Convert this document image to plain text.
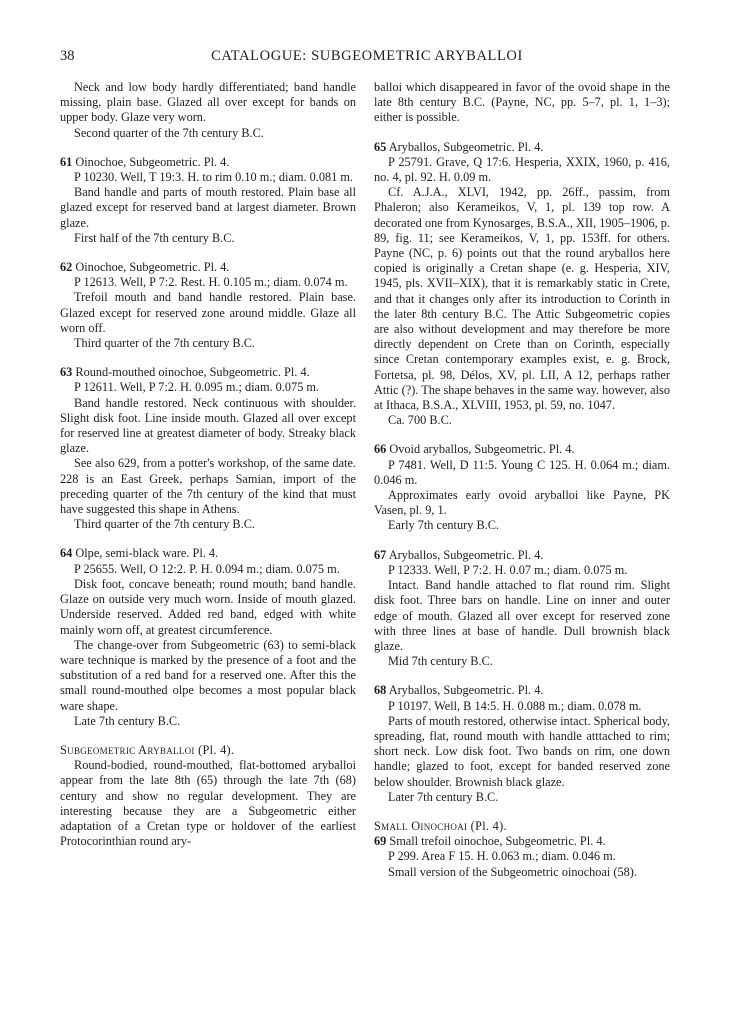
38	CATALOGUE: SUBGEOMETRIC ARYBALLOI

Neck and low body hardly differentiated; band handle missing, plain base. Glazed all over except for bands on upper body. Glaze very worn.

Second quarter of the 7th century B.C.

61 Oinochoe, Subgeometric. Pl. 4.

P 10230. Well, T 19:3. H. to rim 0.10 m.; diam. 0.081 m.

Band handle and parts of mouth restored. Plain base all glazed except for reserved band at largest diameter. Brown glaze.

First half of the 7th century B.C.

62 Oinochoe, Subgeometric. Pl. 4.

P 12613. Well, P 7:2. Rest. H. 0.105 m.; diam. 0.074 m.

Trefoil mouth and band handle restored. Plain base. Glazed except for reserved zone around middle. Glaze all worn off.

Third quarter of the 7th century B.C.

63 Round-mouthed oinochoe, Subgeometric. Pl. 4.

P 12611. Well, P 7:2. H. 0.095 m.; diam. 0.075 m.

Band handle restored. Neck continuous with shoulder. Slight disk foot. Line inside mouth. Glazed all over except for reserved line at greatest diameter of body. Streaky black glaze.

See also 629, from a potter's workshop, of the same date. 228 is an East Greek, perhaps Samian, import of the preceding quarter of the 7th century of the kind that must have suggested this shape in Athens.

Third quarter of the 7th century B.C.

64 Olpe, semi-black ware. Pl. 4.

P 25655. Well, O 12:2. P. H. 0.094 m.; diam. 0.075 m.

Disk foot, concave beneath; round mouth; band handle. Glaze on outside very much worn. Inside of mouth glazed. Underside reserved. Added red band, edged with white mainly worn off, at greatest circumference.

The change-over from Subgeometric (63) to semi-black ware technique is marked by the presence of a foot and the substitution of a red band for a reserved one. After this the small round-mouthed olpe becomes a most popular black ware shape.

Late 7th century B.C.

Subgeometric Aryballoi (Pl. 4).

Round-bodied, round-mouthed, flat-bottomed aryballoi appear from the late 8th (65) through the late 7th (68) century and show no regular development. They are interesting because they are a Subgeometric either adaptation of a Cretan type or holdover of the earliest Protocorinthian round ary-

balloi which disappeared in favor of the ovoid shape in the late 8th century B.C. (Payne, NC, pp. 5–7, pl. 1, 1–3); either is possible.

65 Aryballos, Subgeometric. Pl. 4.

P 25791. Grave, Q 17:6. Hesperia, XXIX, 1960, p. 416, no. 4, pl. 92. H. 0.09 m.

Cf. A.J.A., XLVI, 1942, pp. 26ff., passim, from Phaleron; also Kerameikos, V, 1, pl. 139 top row. A decorated one from Kynosarges, B.S.A., XII, 1905–1906, p. 89, fig. 11; see Kerameikos, V, 1, pp. 153ff. for others. Payne (NC, p. 6) points out that the round aryballos here copied is originally a Cretan shape (e. g. Hesperia, XIV, 1945, pls. XVII–XIX), that it is remarkably static in Crete, and that it changes only after its introduction to Corinth in the later 8th century B.C. The Attic Subgeometric copies are also without development and may therefore be more directly dependent on Crete than on Corinth, especially since Cretan contemporary examples exist, e. g. Brock, Fortetsa, pl. 98, Délos, XV, pl. LII, A 12, perhaps rather Attic (?). The shape behaves in the same way. however, also at Ithaca, B.S.A., XLVIII, 1953, pl. 59, no. 1047.

Ca. 700 B.C.

66 Ovoid aryballos, Subgeometric. Pl. 4.

P 7481. Well, D 11:5. Young C 125. H. 0.064 m.; diam. 0.046 m.

Approximates early ovoid aryballoi like Payne, PK Vasen, pl. 9, 1.

Early 7th century B.C.

67 Aryballos, Subgeometric. Pl. 4.

P 12333. Well, P 7:2. H. 0.07 m.; diam. 0.075 m.

Intact. Band handle attached to flat round rim. Slight disk foot. Three bars on handle. Line on inner and outer edge of mouth. Glazed all over except for reserved zone with three lines at base of handle. Dull brownish black glaze.

Mid 7th century B.C.

68 Aryballos, Subgeometric. Pl. 4.

P 10197. Well, B 14:5. H. 0.088 m.; diam. 0.078 m.

Parts of mouth restored, otherwise intact. Spherical body, spreading, flat, round mouth with handle atttached to rim; short neck. Low disk foot. Two bands on rim, one down handle; glazed to foot, except for banded reserved zone below shoulder. Brownish black glaze.

Later 7th century B.C.

Small Oinochoai (Pl. 4).

69 Small trefoil oinochoe, Subgeometric. Pl. 4.

P 299. Area F 15. H. 0.063 m.; diam. 0.046 m.

Small version of the Subgeometric oinochoai (58).
